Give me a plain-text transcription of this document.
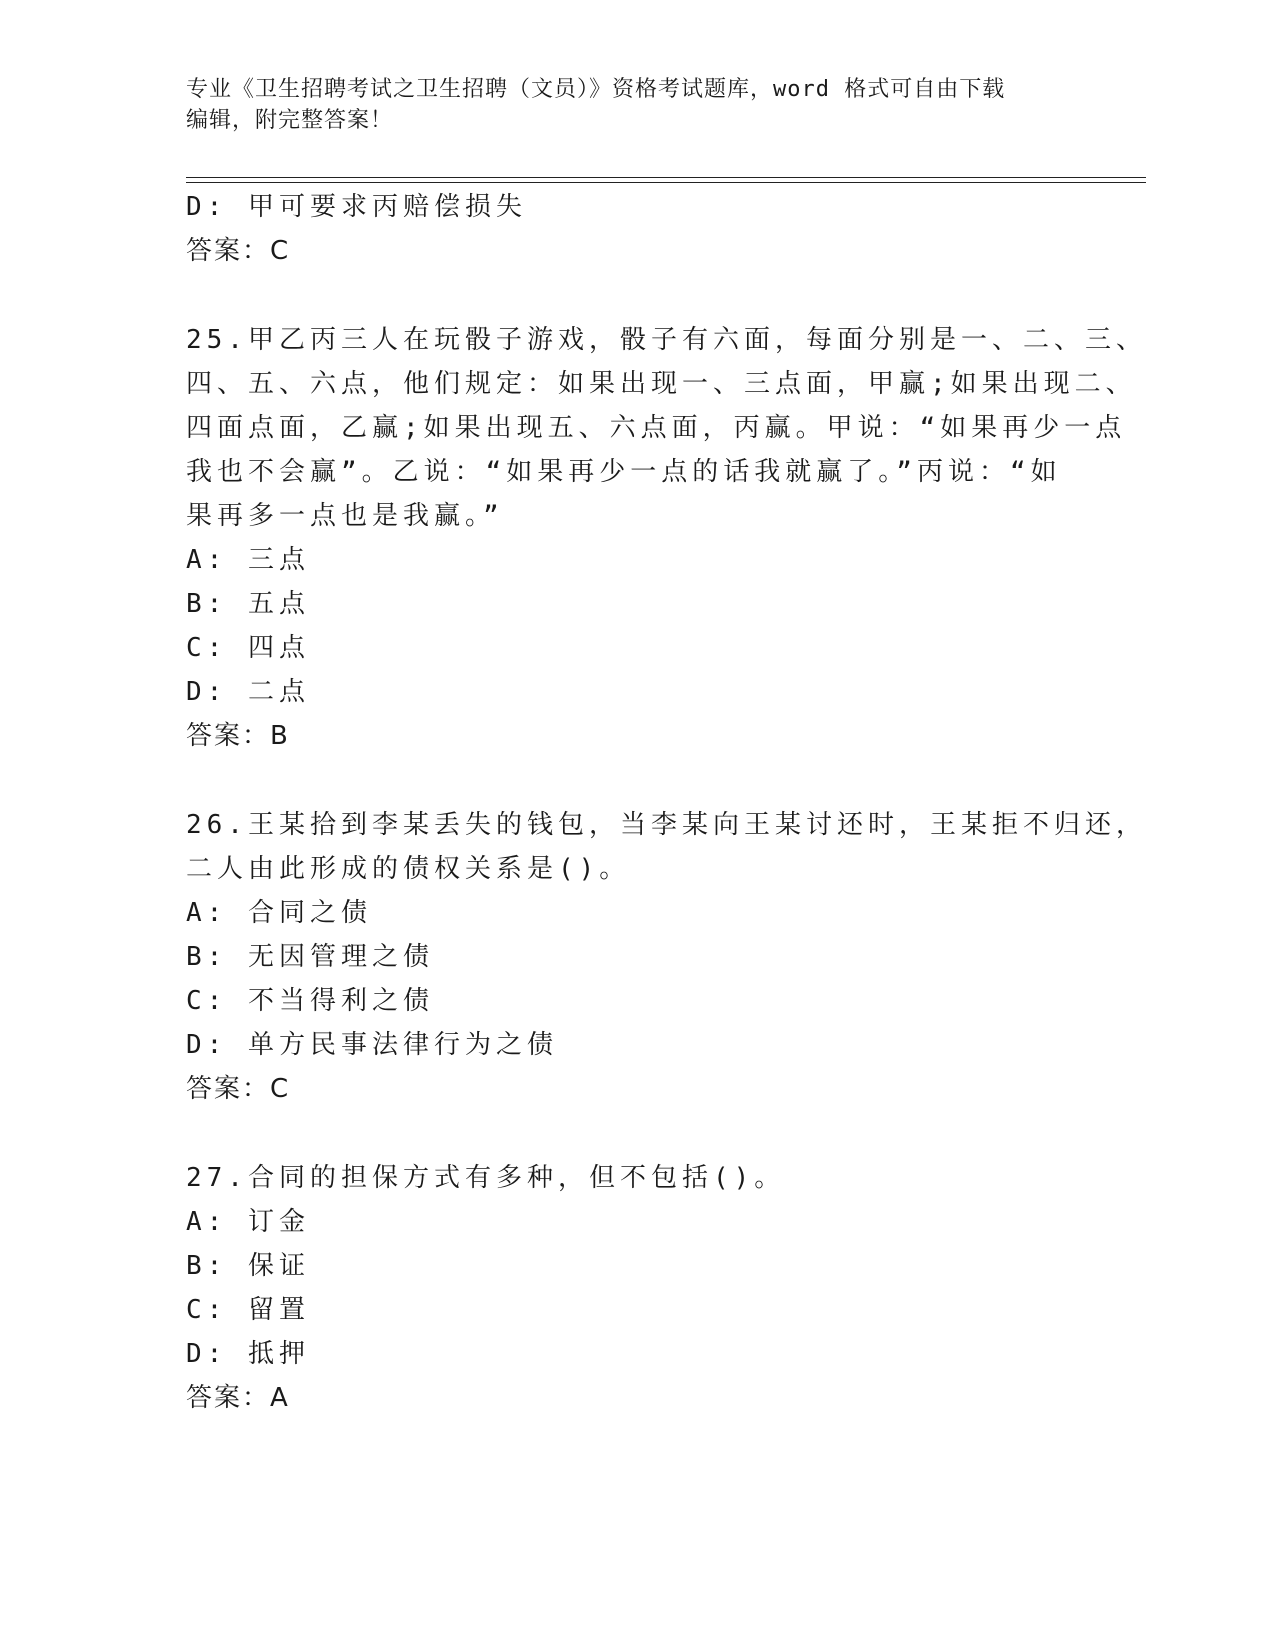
专业《卫生招聘考试之卫生招聘（文员）》资格考试题库，word 格式可自由下载
编辑，附完整答案！
D: 甲可要求丙赔偿损失
答案：C
25.甲乙丙三人在玩骰子游戏，骰子有六面，每面分别是一、二、三、
四、五、六点，他们规定：如果出现一、三点面，甲赢;如果出现二、
四面点面，乙赢;如果出现五、六点面，丙赢。甲说：“如果再少一点
我也不会赢”。乙说：“如果再少一点的话我就赢了。”丙说：“如
果再多一点也是我赢。”
A: 三点
B: 五点
C: 四点
D: 二点
答案：B
26.王某拾到李某丢失的钱包，当李某向王某讨还时，王某拒不归还，
二人由此形成的债权关系是()。
A: 合同之债
B: 无因管理之债
C: 不当得利之债
D: 单方民事法律行为之债
答案：C
27.合同的担保方式有多种，但不包括()。
A: 订金
B: 保证
C: 留置
D: 抵押
答案：A
